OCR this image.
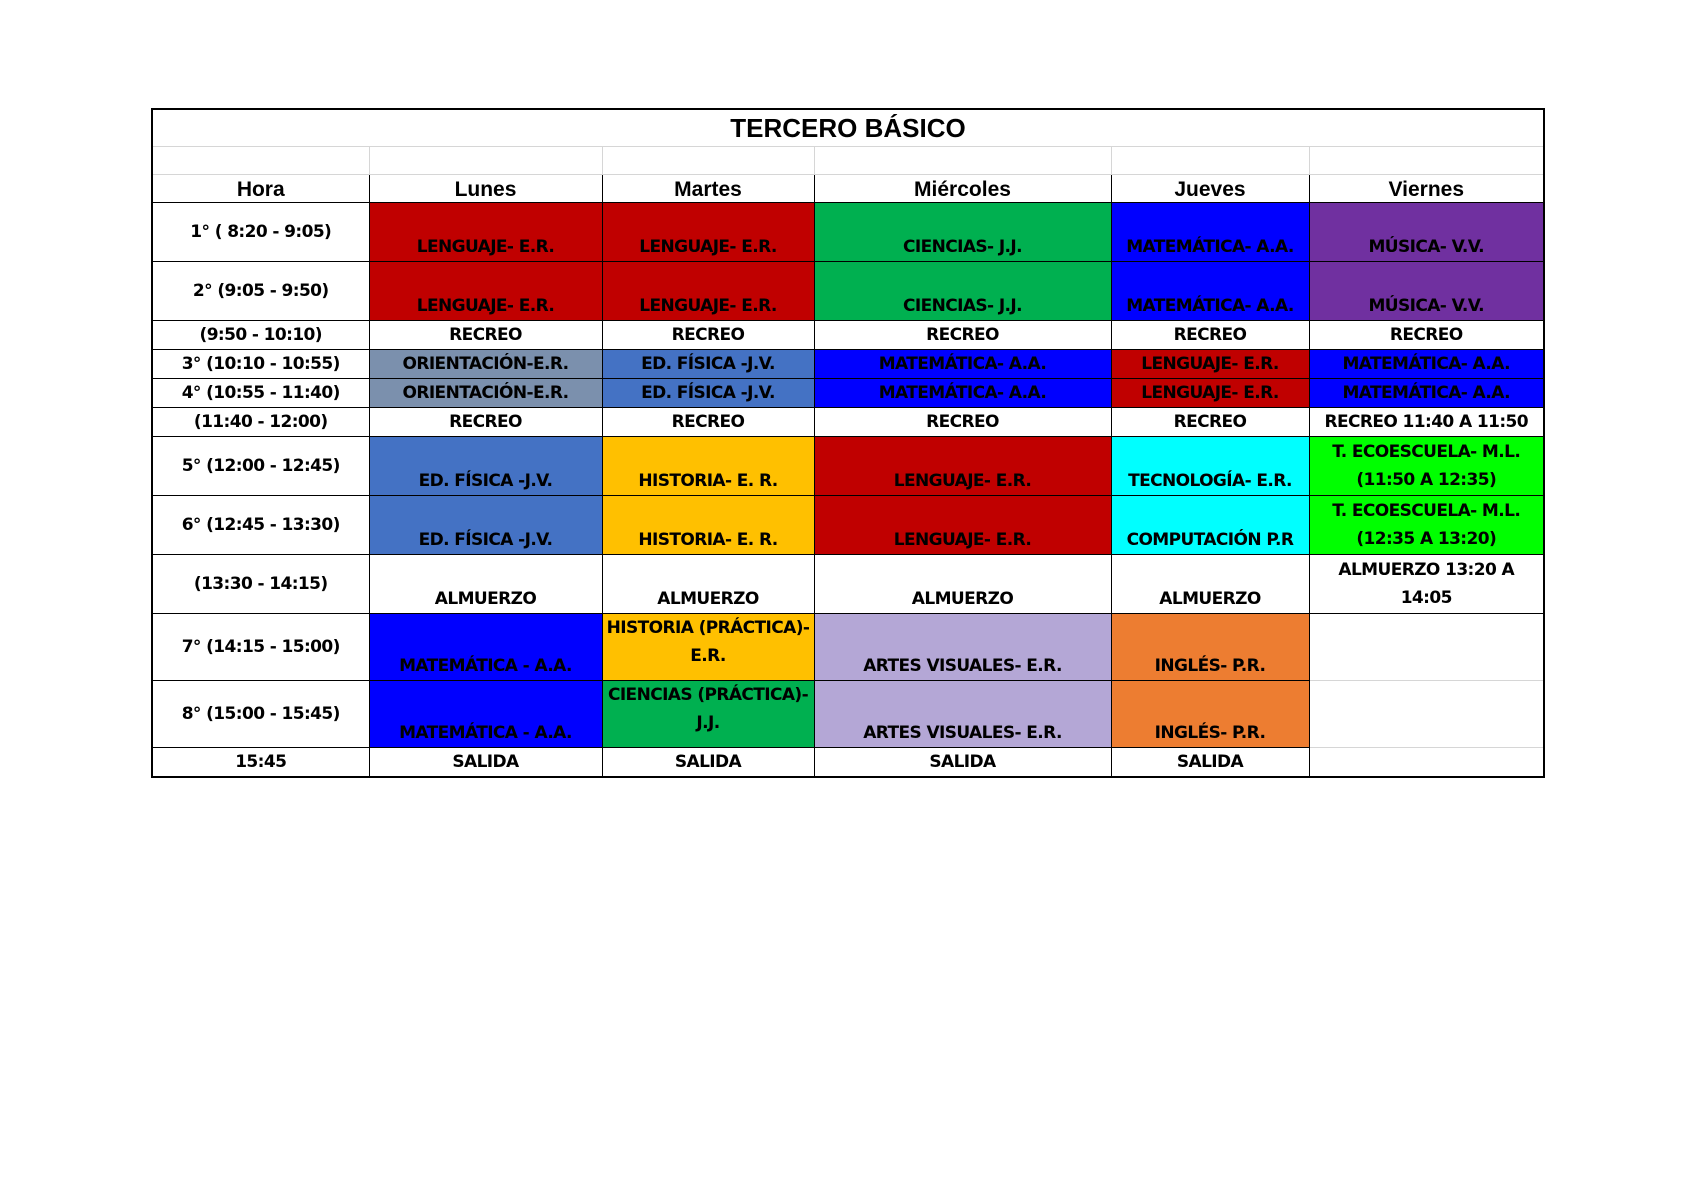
TERCERO BÁSICO					

Hora	Lunes	Martes	Miércoles	Jueves	Viernes
1° ( 8:20 - 9:05)	LENGUAJE- E.R.	LENGUAJE- E.R.	CIENCIAS- J.J.	MATEMÁTICA- A.A.	MÚSICA- V.V.
2° (9:05 - 9:50)	LENGUAJE- E.R.	LENGUAJE- E.R.	CIENCIAS- J.J.	MATEMÁTICA- A.A.	MÚSICA- V.V.
(9:50 - 10:10)	RECREO	RECREO	RECREO	RECREO	RECREO
3° (10:10 - 10:55)	ORIENTACIÓN-E.R.	ED. FÍSICA -J.V.	MATEMÁTICA- A.A.	LENGUAJE- E.R.	MATEMÁTICA- A.A.
4° (10:55 - 11:40)	ORIENTACIÓN-E.R.	ED. FÍSICA -J.V.	MATEMÁTICA- A.A.	LENGUAJE- E.R.	MATEMÁTICA- A.A.
(11:40 - 12:00)	RECREO	RECREO	RECREO	RECREO	RECREO 11:40 A 11:50
5° (12:00 - 12:45)	ED. FÍSICA -J.V.	HISTORIA- E. R.	LENGUAJE- E.R.	TECNOLOGÍA- E.R.	T. ECOESCUELA- M.L. (11:50 A 12:35)
6° (12:45 - 13:30)	ED. FÍSICA -J.V.	HISTORIA- E. R.	LENGUAJE- E.R.	COMPUTACIÓN P.R	T. ECOESCUELA- M.L. (12:35 A 13:20)
(13:30 - 14:15)	ALMUERZO	ALMUERZO	ALMUERZO	ALMUERZO	ALMUERZO 13:20 A 14:05
7° (14:15 - 15:00)	MATEMÁTICA - A.A.	HISTORIA (PRÁCTICA)- E.R.	ARTES VISUALES- E.R.	INGLÉS- P.R.	
8° (15:00 - 15:45)	MATEMÁTICA - A.A.	CIENCIAS (PRÁCTICA)- J.J.	ARTES VISUALES- E.R.	INGLÉS- P.R.	
15:45	SALIDA	SALIDA	SALIDA	SALIDA	
